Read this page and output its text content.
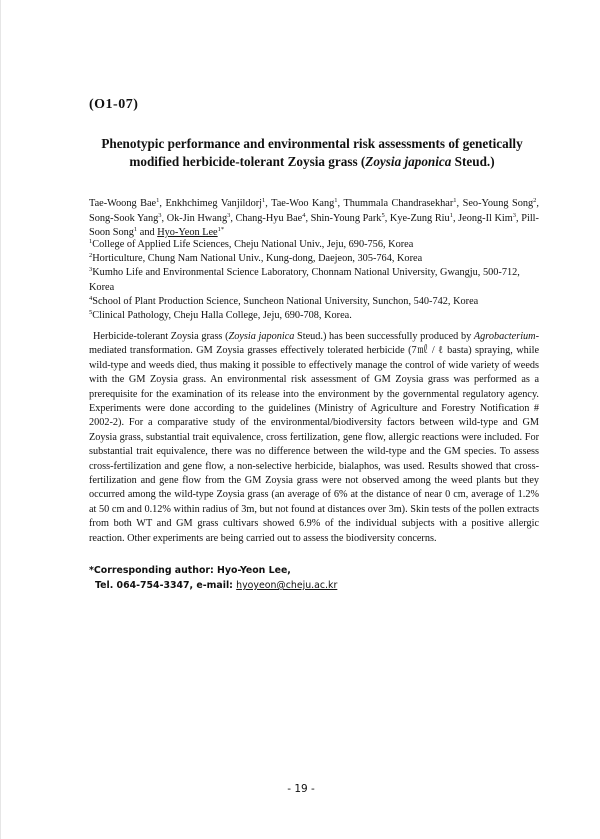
(O1-07)
Phenotypic performance and environmental risk assessments of genetically modified herbicide-tolerant Zoysia grass (Zoysia japonica Steud.)
Tae-Woong Bae$^1$, Enkhchimeg Vanjildorj$^1$, Tae-Woo Kang$^1$, Thummala Chandrasekhar$^1$, Seo-Young Song$^2$, Song-Sook Yang$^3$, Ok-Jin Hwang$^3$, Chang-Hyu Bae$^4$, Shin-Young Park$^5$, Kye-Zung Riu$^1$, Jeong-Il Kim$^3$, Pill-Soon Song$^1$ and Hyo-Yeon Lee$^{1*}$
$^1$College of Applied Life Sciences, Cheju National Univ., Jeju, 690-756, Korea
$^2$Horticulture, Chung Nam National Univ., Kung-dong, Daejeon, 305-764, Korea
$^3$Kumho Life and Environmental Science Laboratory, Chonnam National University, Gwangju, 500-712, Korea
$^4$School of Plant Production Science, Suncheon National University, Sunchon, 540-742, Korea
$^5$Clinical Pathology, Cheju Halla College, Jeju, 690-708, Korea.
Herbicide-tolerant Zoysia grass (Zoysia japonica Steud.) has been successfully produced by Agrobacterium-mediated transformation. GM Zoysia grasses effectively tolerated herbicide (7㎖ / ℓ basta) spraying, while wild-type and weeds died, thus making it possible to effectively manage the control of wide variety of weeds with the GM Zoysia grass. An environmental risk assessment of GM Zoysia grass was performed as a prerequisite for the examination of its release into the environment by the governmental regulatory agency. Experiments were done according to the guidelines (Ministry of Agriculture and Forestry Notification # 2002-2). For a comparative study of the environmental/biodiversity factors between wild-type and GM Zoysia grass, substantial trait equivalence, cross fertilization, gene flow, allergic reactions were included. For substantial trait equivalence, there was no difference between the wild-type and the GM species. To assess cross-fertilization and gene flow, a non-selective herbicide, bialaphos, was used. Results showed that cross-fertilization and gene flow from the GM Zoysia grass were not observed among the weed plants but they occurred among the wild-type Zoysia grass (an average of 6% at the distance of near 0 cm, average of 1.2% at 50 cm and 0.12% within radius of 3m, but not found at distances over 3m). Skin tests of the pollen extracts from both WT and GM grass cultivars showed 6.9% of the individual subjects with a positive allergic reaction. Other experiments are being carried out to assess the biodiversity concerns.
*Corresponding author: Hyo-Yeon Lee,
Tel. 064-754-3347, e-mail: hyoyeon@cheju.ac.kr
- 19 -
